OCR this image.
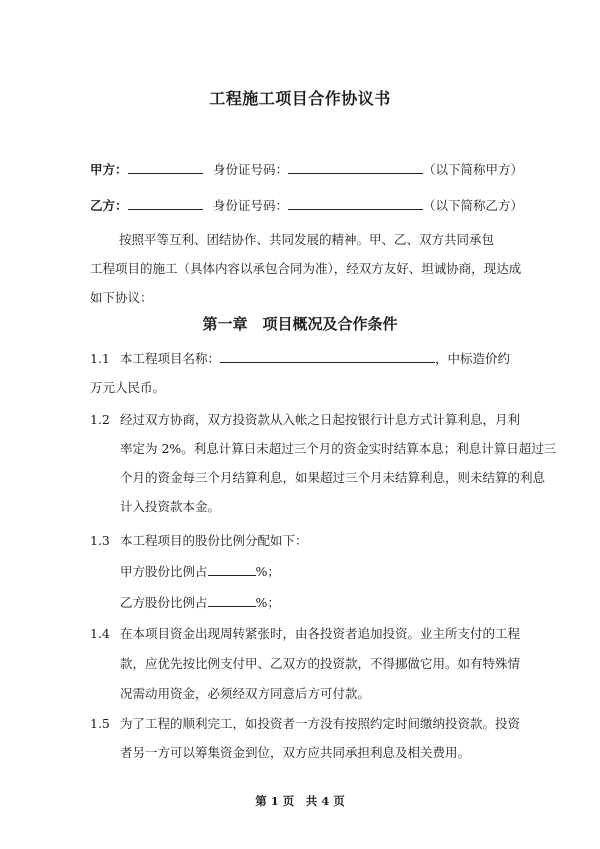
工程施工项目合作协议书
甲方：	身份证号码：	（以下简称甲方）
乙方：	身份证号码：	（以下简称乙方）
按照平等互利、团结协作、共同发展的精神。甲、乙、双方共同承包
工程项目的施工（具体内容以承包合同为准），经双方友好、坦诚协商，现达成
如下协议：
第一章　项目概况及合作条件
1.1 本工程项目名称：	，中标造价约
万元人民币。
1.2 经过双方协商，双方投资款从入帐之日起按银行计息方式计算利息，月利
率定为 2%。利息计算日未超过三个月的资金实时结算本息；利息计算日超过三
个月的资金每三个月结算利息，如果超过三个月未结算利息，则未结算的利息
计入投资款本金。
1.3 本工程项目的股份比例分配如下：
甲方股份比例占	%；
乙方股份比例占	%；
1.4 在本项目资金出现周转紧张时，由各投资者追加投资。业主所支付的工程
款，应优先按比例支付甲、乙双方的投资款，不得挪做它用。如有特殊情
况需动用资金，必须经双方同意后方可付款。
1.5 为了工程的顺利完工，如投资者一方没有按照约定时间缴纳投资款。投资
者另一方可以筹集资金到位，双方应共同承担利息及相关费用。
第 1 页　共 4 页
